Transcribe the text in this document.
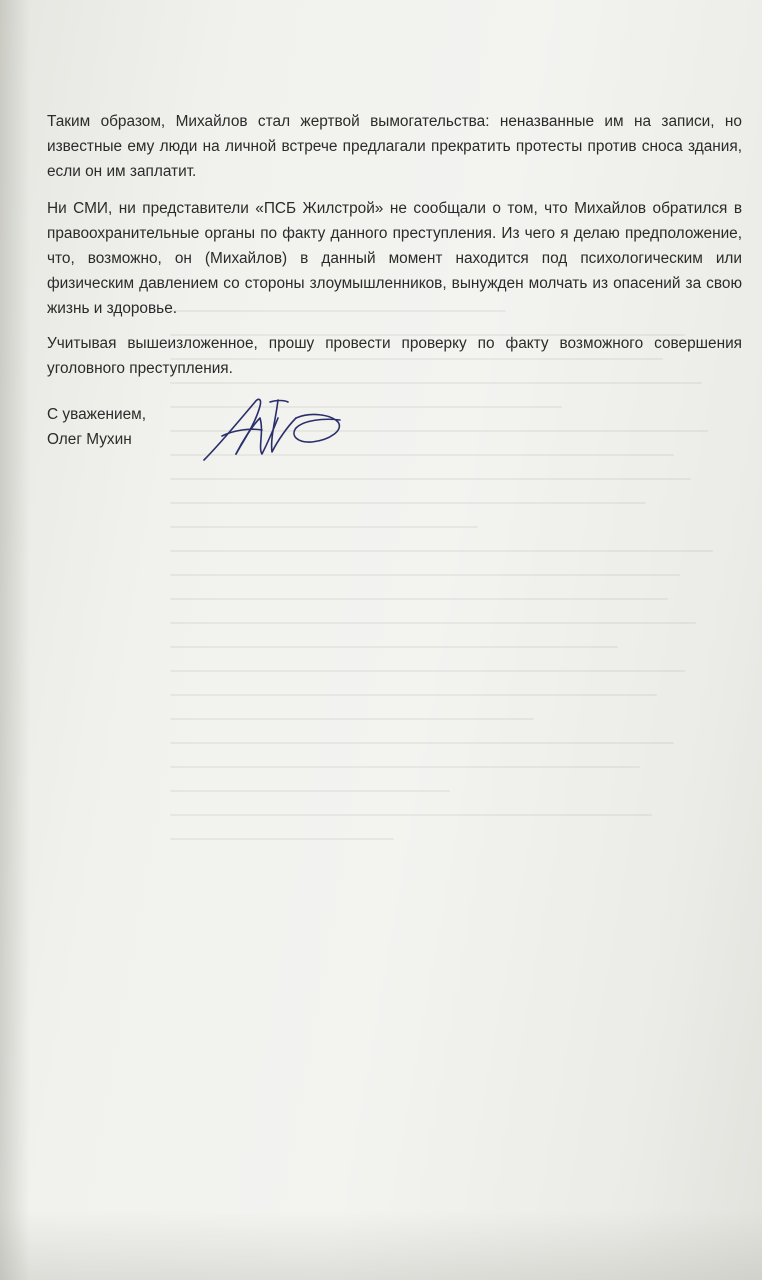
Таким образом, Михайлов стал жертвой вымогательства: неназванные им на записи, но известные ему люди на личной встрече предлагали прекратить протесты против сноса здания, если он им заплатит.

Ни СМИ, ни представители «ПСБ Жилстрой» не сообщали о том, что Михайлов обратился в правоохранительные органы по факту данного преступления. Из чего я делаю предположение, что, возможно, он (Михайлов) в данный момент находится под психологическим или физическим давлением со стороны злоумышленников, вынужден молчать из опасений за свою жизнь и здоровье.

Учитывая вышеизложенное, прошу провести проверку по факту возможного совершения уголовного преступления.

С уважением,
Олег Мухин
